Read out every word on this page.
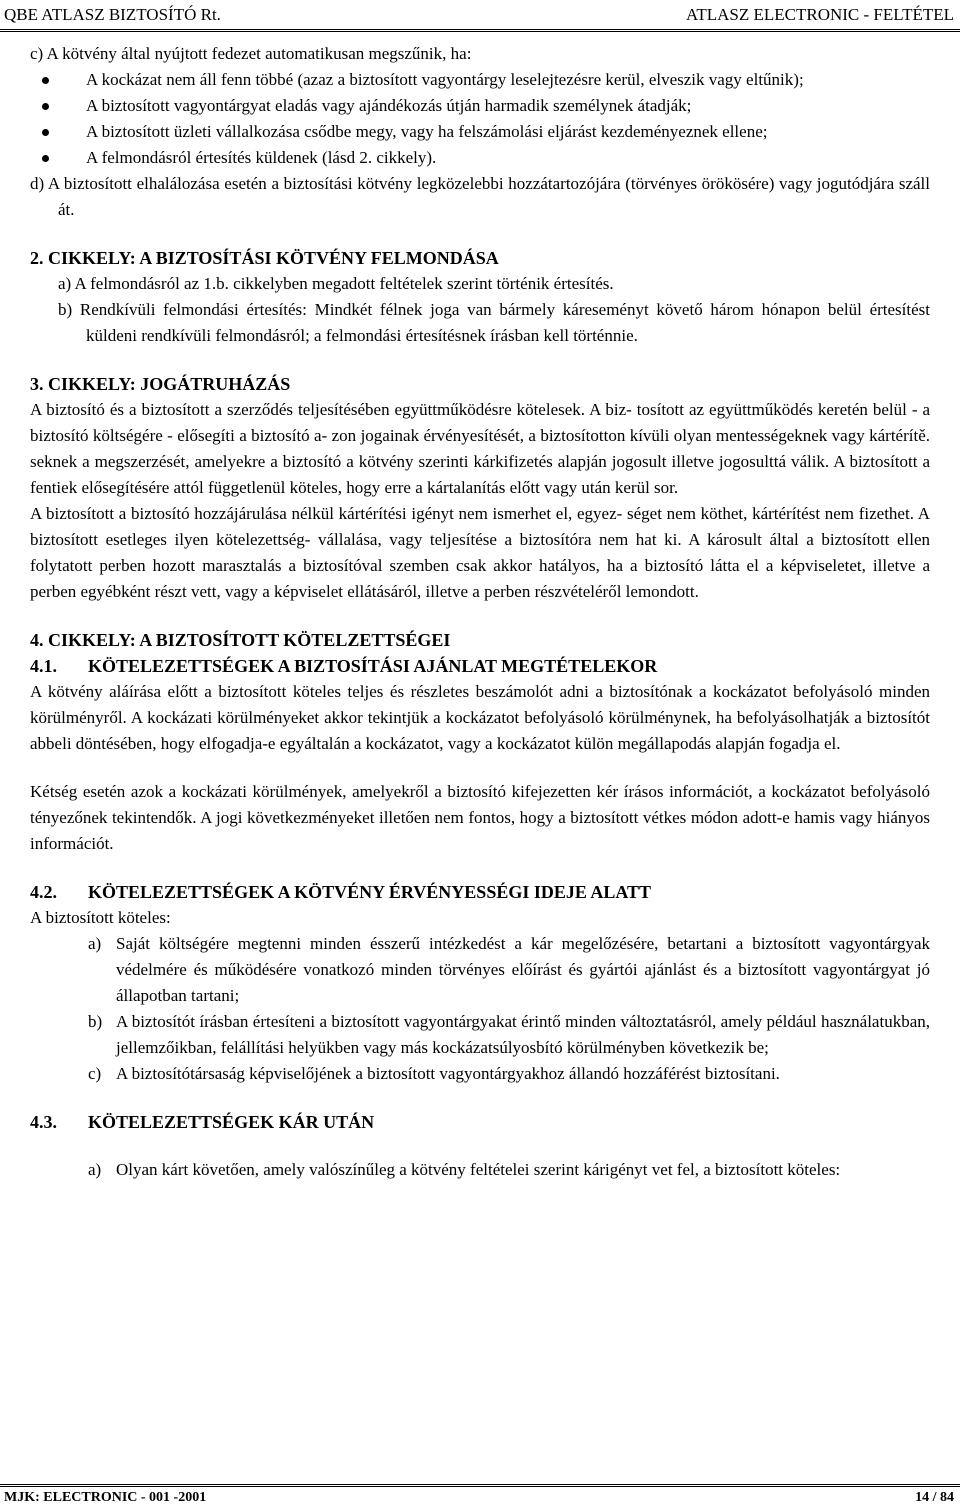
QBE ATLASZ BIZTOSÍTÓ Rt.	ATLASZ ELECTRONIC - FELTÉTEL

c) A kötvény által nyújtott fedezet automatikusan megszűnik, ha:

A kockázat nem áll fenn többé (azaz a biztosított vagyontárgy leselejtezésre kerül, elveszik vagy eltűnik);
A biztosított vagyontárgyat eladás vagy ajándékozás útján harmadik személynek átadják;
A biztosított üzleti vállalkozása csődbe megy, vagy ha felszámolási eljárást kezdeményeznek ellene;
A felmondásról értesítés küldenek (lásd 2. cikkely).

d) A biztosított elhalálozása esetén a biztosítási kötvény legközelebbi hozzátartozójára (törvényes örökösére) vagy jogutódjára száll át.

2. CIKKELY: A BIZTOSÍTÁSI KÖTVÉNY FELMONDÁSA

a) A felmondásról az 1.b. cikkelyben megadott feltételek szerint történik értesítés.

b) Rendkívüli felmondási értesítés: Mindkét félnek joga van bármely káreseményt követő három hónapon belül értesítést küldeni rendkívüli felmondásról; a felmondási értesítésnek írásban kell történnie.

3. CIKKELY: JOGÁTRUHÁZÁS

A biztosító és a biztosított a szerződés teljesítésében együttműködésre kötelesek. A biz- tosított az együttműködés keretén belül - a biztosító költségére - elősegíti a biztosító a- zon jogainak érvényesítését, a biztosítotton kívüli olyan mentességeknek vagy kártérítě. seknek a megszerzését, amelyekre a biztosító a kötvény szerinti kárkifizetés alapján jogosult illetve jogosulttá válik. A biztosított a fentiek elősegítésére attól függetlenül köteles, hogy erre a kártalanítás előtt vagy után kerül sor.

A biztosított a biztosító hozzájárulása nélkül kártérítési igényt nem ismerhet el, egyez- séget nem köthet, kártérítést nem fizethet. A biztosított esetleges ilyen kötelezettség- vállalása, vagy teljesítése a biztosítóra nem hat ki. A károsult által a biztosított ellen folytatott perben hozott marasztalás a biztosítóval szemben csak akkor hatályos, ha a biztosító látta el a képviseletet, illetve a perben egyébként részt vett, vagy a képviselet ellátásáról, illetve a perben részvételéről lemondott.

4. CIKKELY: A BIZTOSÍTOTT KÖTELZETTSÉGEI
4.1.	KÖTELEZETTSÉGEK A BIZTOSÍTÁSI AJÁNLAT MEGTÉTELEKOR

A kötvény aláírása előtt a biztosított köteles teljes és részletes beszámolót adni a biztosítónak a kockázatot befolyásoló minden körülményről. A kockázati körülményeket akkor tekintjük a kockázatot befolyásoló körülménynek, ha befolyásolhatják a biztosítót abbeli döntésében, hogy elfogadja-e egyáltalán a kockázatot, vagy a kockázatot külön megállapodás alapján fogadja el.

Kétség esetén azok a kockázati körülmények, amelyekről a biztosító kifejezetten kér írásos információt, a kockázatot befolyásoló tényezőnek tekintendők. A jogi következményeket illetően nem fontos, hogy a biztosított vétkes módon adott-e hamis vagy hiányos információt.

4.2.	KÖTELEZETTSÉGEK A KÖTVÉNY ÉRVÉNYESSÉGI IDEJE ALATT

A biztosított köteles:

a) Saját költségére megtenni minden ésszerű intézkedést a kár megelőzésére, betartani a biztosított vagyontárgyak védelmére és működésére vonatkozó minden törvényes előírást és gyártói ajánlást és a biztosított vagyontárgyat jó állapotban tartani;
b) A biztosítót írásban értesíteni a biztosított vagyontárgyakat érintő minden változtatásról, amely például használatukban, jellemzőikban, felállítási helyükben vagy más kockázatsúlyosbító körülményben következik be;
c) A biztosítótársaság képviselőjének a biztosított vagyontárgyakhoz állandó hozzáférést biztosítani.
4.3.	KÖTELEZETTSÉGEK KÁR UTÁN
a) Olyan kárt követően, amely valószínűleg a kötvény feltételei szerint kárigényt vet fel, a biztosított köteles:
MJK: ELECTRONIC - 001 -2001	14 / 84
